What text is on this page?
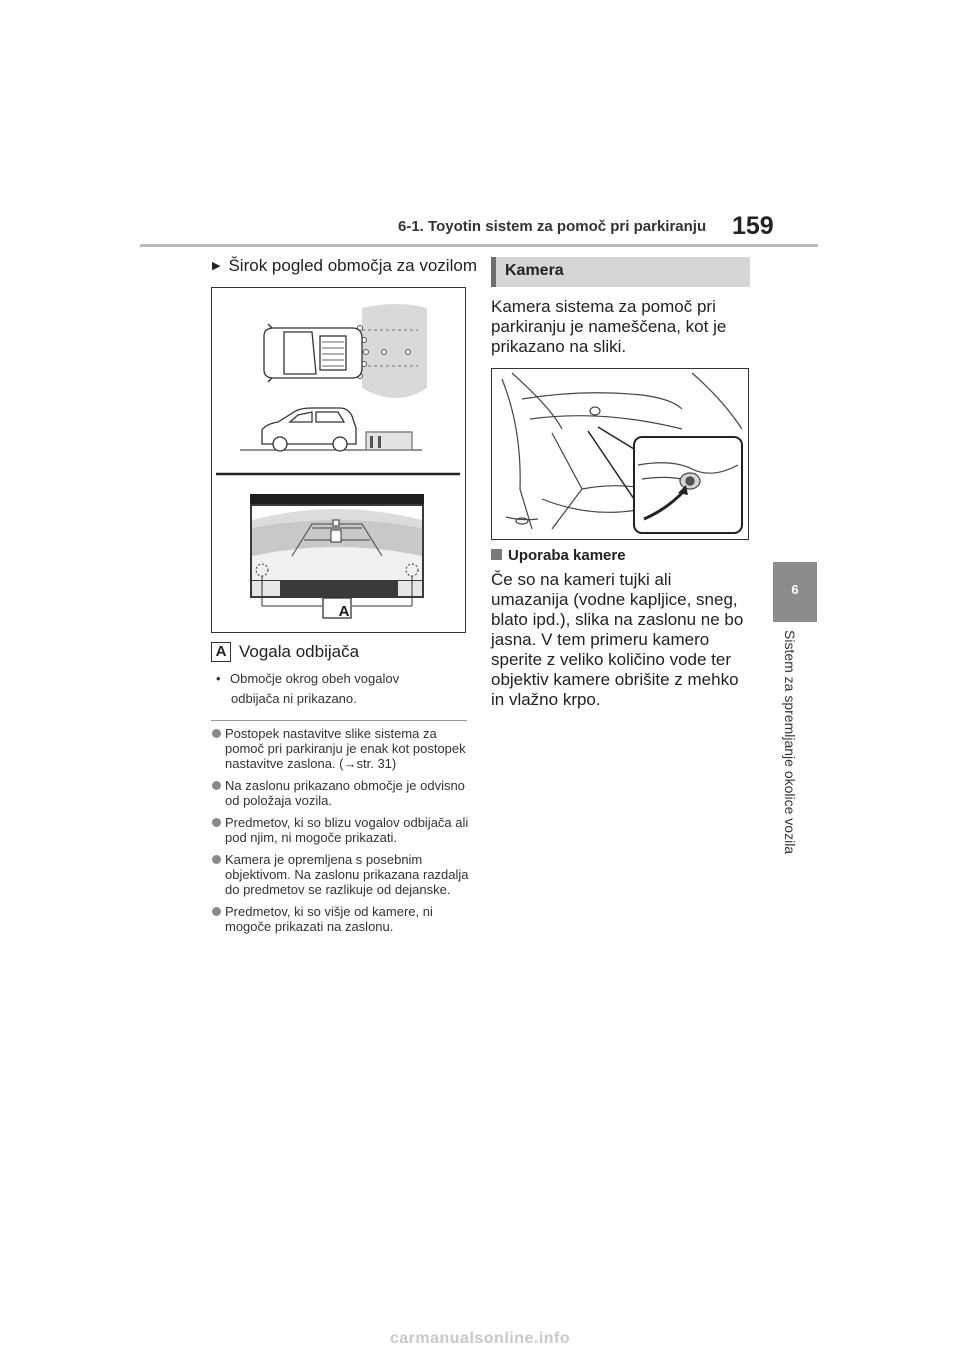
6-1. Toyotin sistem za pomoč pri parkiranju 159
6
Sistem za spremljanje okolice vozila
▶ Širok pogled območja za vozilom
A
A Vogala odbijača
• Območje okrog obeh vogalov
odbijača ni prikazano.
Postopek nastavitve slike sistema za pomoč pri parkiranju je enak kot postopek nastavitve zaslona. (→str. 31)
Na zaslonu prikazano območje je odvisno od položaja vozila.
Predmetov, ki so blizu vogalov odbijača ali pod njim, ni mogoče prikazati.
Kamera je opremljena s posebnim objektivom. Na zaslonu prikazana razdalja do predmetov se razlikuje od dejanske.
Predmetov, ki so višje od kamere, ni mogoče prikazati na zaslonu.
Kamera
Kamera sistema za pomoč pri parkiranju je nameščena, kot je prikazano na sliki.
Uporaba kamere
Če so na kameri tujki ali umazanija (vodne kapljice, sneg, blato ipd.), slika na zaslonu ne bo jasna. V tem primeru kamero sperite z veliko količino vode ter objektiv kamere obrišite z mehko in vlažno krpo.
carmanualsonline.info
